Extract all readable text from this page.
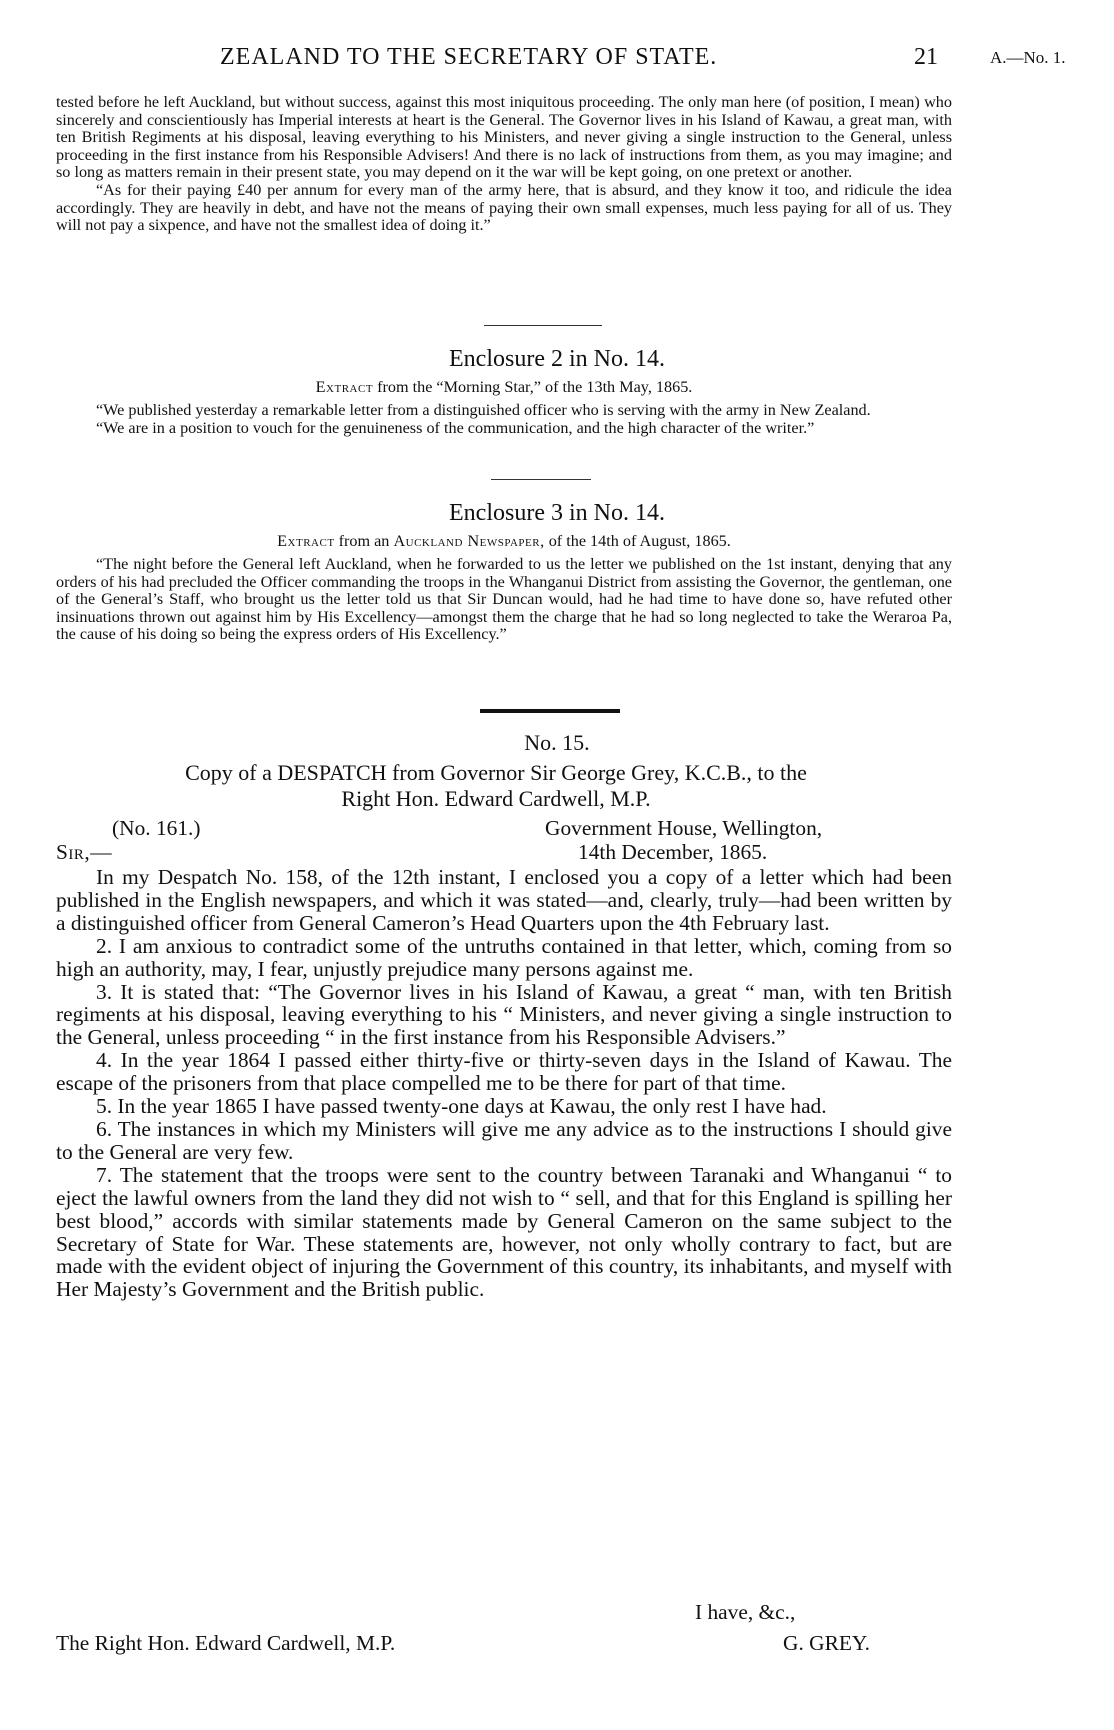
ZEALAND TO THE SECRETARY OF STATE.	21	A.—No. 1.

tested before he left Auckland, but without success, against this most iniquitous proceeding. The only man here (of position, I mean) who sincerely and conscientiously has Imperial interests at heart is the General. The Governor lives in his Island of Kawau, a great man, with ten British Regiments at his disposal, leaving everything to his Ministers, and never giving a single instruction to the General, unless proceeding in the first instance from his Responsible Advisers! And there is no lack of instructions from them, as you may imagine; and so long as matters remain in their present state, you may depend on it the war will be kept going, on one pretext or another.

“As for their paying £40 per annum for every man of the army here, that is absurd, and they know it too, and ridicule the idea accordingly. They are heavily in debt, and have not the means of paying their own small expenses, much less paying for all of us. They will not pay a sixpence, and have not the smallest idea of doing it.”

Enclosure 2 in No. 14.
Extract from the “Morning Star,” of the 13th May, 1865.

“We published yesterday a remarkable letter from a distinguished officer who is serving with the army in New Zealand.

“We are in a position to vouch for the genuineness of the communication, and the high character of the writer.”

Enclosure 3 in No. 14.
Extract from an Auckland Newspaper, of the 14th of August, 1865.

“The night before the General left Auckland, when he forwarded to us the letter we published on the 1st instant, denying that any orders of his had precluded the Officer commanding the troops in the Whanganui District from assisting the Governor, the gentleman, one of the General’s Staff, who brought us the letter told us that Sir Duncan would, had he had time to have done so, have refuted other insinuations thrown out against him by His Excellency—amongst them the charge that he had so long neglected to take the Weraroa Pa, the cause of his doing so being the express orders of His Excellency.”

No. 15.
Copy of a DESPATCH from Governor Sir George Grey, K.C.B., to the
Right Hon. Edward Cardwell, M.P.
(No. 161.)	Government House, Wellington,
Sir,—	14th December, 1865.

In my Despatch No. 158, of the 12th instant, I enclosed you a copy of a letter which had been published in the English newspapers, and which it was stated—and, clearly, truly—had been written by a distinguished officer from General Cameron’s Head Quarters upon the 4th February last.

2. I am anxious to contradict some of the untruths contained in that letter, which, coming from so high an authority, may, I fear, unjustly prejudice many persons against me.

3. It is stated that: “The Governor lives in his Island of Kawau, a great “ man, with ten British regiments at his disposal, leaving everything to his “ Ministers, and never giving a single instruction to the General, unless proceeding “ in the first instance from his Responsible Advisers.”

4. In the year 1864 I passed either thirty-five or thirty-seven days in the Island of Kawau. The escape of the prisoners from that place compelled me to be there for part of that time.

5. In the year 1865 I have passed twenty-one days at Kawau, the only rest I have had.

6. The instances in which my Ministers will give me any advice as to the instructions I should give to the General are very few.

7. The statement that the troops were sent to the country between Taranaki and Whanganui “ to eject the lawful owners from the land they did not wish to “ sell, and that for this England is spilling her best blood,” accords with similar statements made by General Cameron on the same subject to the Secretary of State for War. These statements are, however, not only wholly contrary to fact, but are made with the evident object of injuring the Government of this country, its inhabitants, and myself with Her Majesty’s Government and the British public.

I have, &c.,
The Right Hon. Edward Cardwell, M.P.	G. GREY.
